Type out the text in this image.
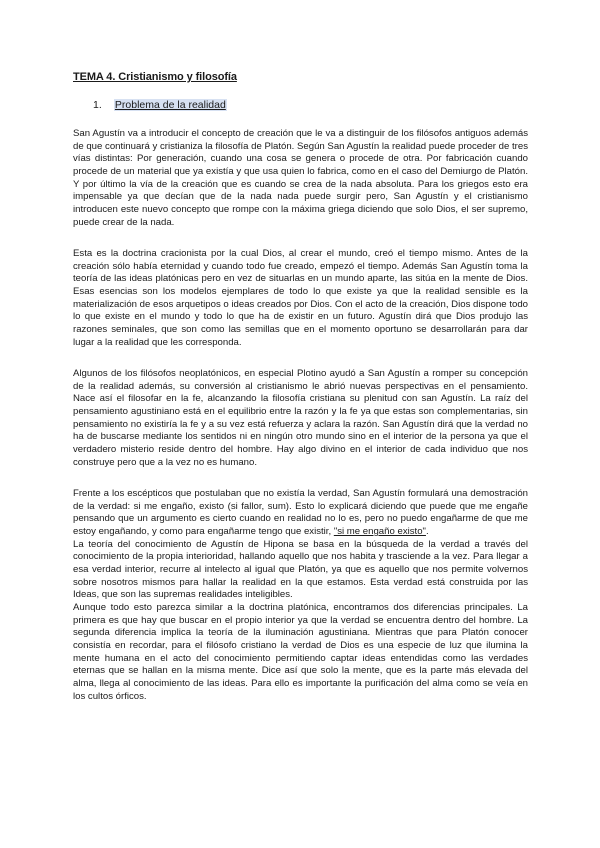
TEMA 4. Cristianismo y filosofía
1. Problema de la realidad

San Agustín va a introducir el concepto de creación que le va a distinguir de los filósofos antiguos además de que continuará y cristianiza la filosofía de Platón. Según San Agustín la realidad puede proceder de tres vías distintas: Por generación, cuando una cosa se genera o procede de otra. Por fabricación cuando procede de un material que ya existía y que usa quien lo fabrica, como en el caso del Demiurgo de Platón. Y por último la vía de la creación que es cuando se crea de la nada absoluta. Para los griegos esto era impensable ya que decían que de la nada nada puede surgir pero, San Agustín y el cristianismo introducen este nuevo concepto que rompe con la máxima griega diciendo que solo Dios, el ser supremo, puede crear de la nada.

Esta es la doctrina cracionista por la cual Dios, al crear el mundo, creó el tiempo mismo. Antes de la creación sólo había eternidad y cuando todo fue creado, empezó el tiempo. Además San Agustín toma la teoría de las ideas platónicas pero en vez de situarlas en un mundo aparte, las sitúa en la mente de Dios. Esas esencias son los modelos ejemplares de todo lo que existe ya que la realidad sensible es la materialización de esos arquetipos o ideas creados por Dios. Con el acto de la creación, Dios dispone todo lo que existe en el mundo y todo lo que ha de existir en un futuro. Agustín dirá que Dios produjo las razones seminales, que son como las semillas que en el momento oportuno se desarrollarán para dar lugar a la realidad que les corresponda.

Algunos de los filósofos neoplatónicos, en especial Plotino ayudó a San Agustín a romper su concepción de la realidad además, su conversión al cristianismo le abrió nuevas perspectivas en el pensamiento. Nace así el filosofar en la fe, alcanzando la filosofía cristiana su plenitud con san Agustín. La raíz del pensamiento agustiniano está en el equilibrio entre la razón y la fe ya que estas son complementarias, sin pensamiento no existiría la fe y a su vez está refuerza y aclara la razón. San Agustín dirá que la verdad no ha de buscarse mediante los sentidos ni en ningún otro mundo sino en el interior de la persona ya que el verdadero misterio reside dentro del hombre. Hay algo divino en el interior de cada individuo que nos construye pero que a la vez no es humano.

Frente a los escépticos que postulaban que no existía la verdad, San Agustín formulará una demostración de la verdad: si me engaño, existo (si fallor, sum). Esto lo explicará diciendo que puede que me engañe pensando que un argumento es cierto cuando en realidad no lo es, pero no puedo engañarme de que me estoy engañando, y como para engañarme tengo que existir, "si me engaño existo".
La teoría del conocimiento de Agustín de Hipona se basa en la búsqueda de la verdad a través del conocimiento de la propia interioridad, hallando aquello que nos habita y trasciende a la vez. Para llegar a esa verdad interior, recurre al intelecto al igual que Platón, ya que es aquello que nos permite volvernos sobre nosotros mismos para hallar la realidad en la que estamos. Esta verdad está construida por las Ideas, que son las supremas realidades inteligibles.
Aunque todo esto parezca similar a la doctrina platónica, encontramos dos diferencias principales. La primera es que hay que buscar en el propio interior ya que la verdad se encuentra dentro del hombre. La segunda diferencia implica la teoría de la iluminación agustiniana. Mientras que para Platón conocer consistía en recordar, para el filósofo cristiano la verdad de Dios es una especie de luz que ilumina la mente humana en el acto del conocimiento permitiendo captar ideas entendidas como las verdades eternas que se hallan en la misma mente. Dice así que solo la mente, que es la parte más elevada del alma, llega al conocimiento de las ideas. Para ello es importante la purificación del alma como se veía en los cultos órficos.
